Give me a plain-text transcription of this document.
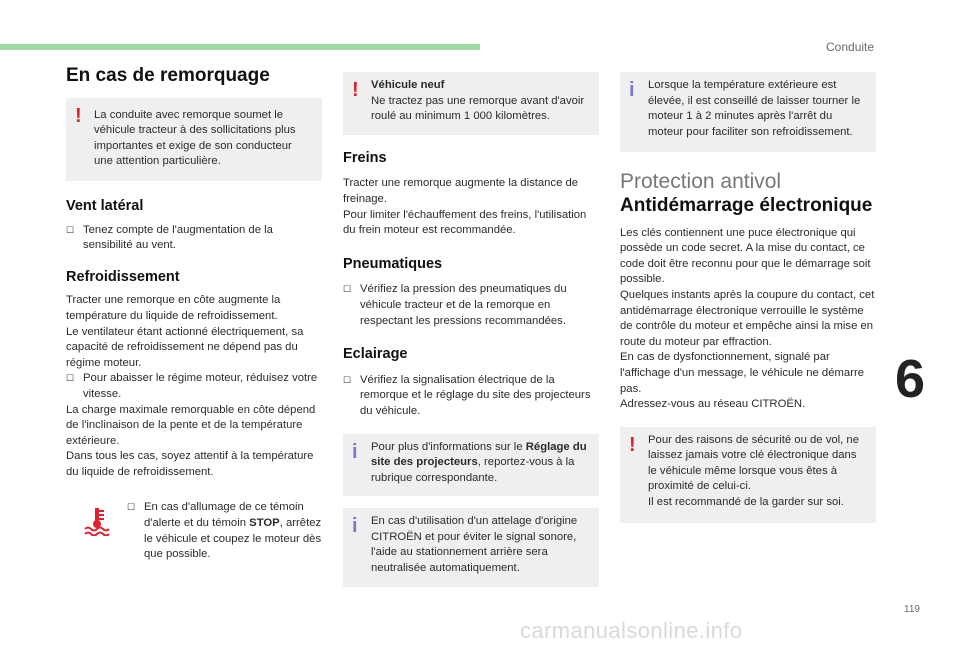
Conduite
6
119
carmanualsonline.info
En cas de remorquage
! La conduite avec remorque soumet le véhicule tracteur à des sollicitations plus importantes et exige de son conducteur une attention particulière.

Vent latéral
☐ Tenez compte de l'augmentation de la sensibilité au vent.

Refroidissement

Tracter une remorque en côte augmente la température du liquide de refroidissement.

Le ventilateur étant actionné électriquement, sa capacité de refroidissement ne dépend pas du régime moteur.

☐ Pour abaisser le régime moteur, réduisez votre vitesse.

La charge maximale remorquable en côte dépend de l'inclinaison de la pente et de la température extérieure.

Dans tous les cas, soyez attentif à la température du liquide de refroidissement.

☐ En cas d'allumage de ce témoin d'alerte et du témoin STOP, arrêtez le véhicule et coupez le moteur dès que possible.

! Véhicule neuf

Ne tractez pas une remorque avant d'avoir roulé au minimum 1 000 kilomètres.

Freins

Tracter une remorque augmente la distance de freinage.

Pour limiter l'échauffement des freins, l'utilisation du frein moteur est recommandée.

Pneumatiques
☐ Vérifiez la pression des pneumatiques du véhicule tracteur et de la remorque en respectant les pressions recommandées.

Eclairage
☐ Vérifiez la signalisation électrique de la remorque et le réglage du site des projecteurs du véhicule.

i Pour plus d'informations sur le Réglage du site des projecteurs, reportez-vous à la rubrique correspondante.

i En cas d'utilisation d'un attelage d'origine CITROËN et pour éviter le signal sonore, l'aide au stationnement arrière sera neutralisée automatiquement.

i Lorsque la température extérieure est élevée, il est conseillé de laisser tourner le moteur 1 à 2 minutes après l'arrêt du moteur pour faciliter son refroidissement.

Protection antivol

Antidémarrage électronique

Les clés contiennent une puce électronique qui possède un code secret. A la mise du contact, ce code doit être reconnu pour que le démarrage soit possible.

Quelques instants après la coupure du contact, cet antidémarrage électronique verrouille le système de contrôle du moteur et empêche ainsi la mise en route du moteur par effraction.

En cas de dysfonctionnement, signalé par l'affichage d'un message, le véhicule ne démarre pas.

Adressez-vous au réseau CITROËN.

! Pour des raisons de sécurité ou de vol, ne laissez jamais votre clé électronique dans le véhicule même lorsque vous êtes à proximité de celui-ci.

Il est recommandé de la garder sur soi.
